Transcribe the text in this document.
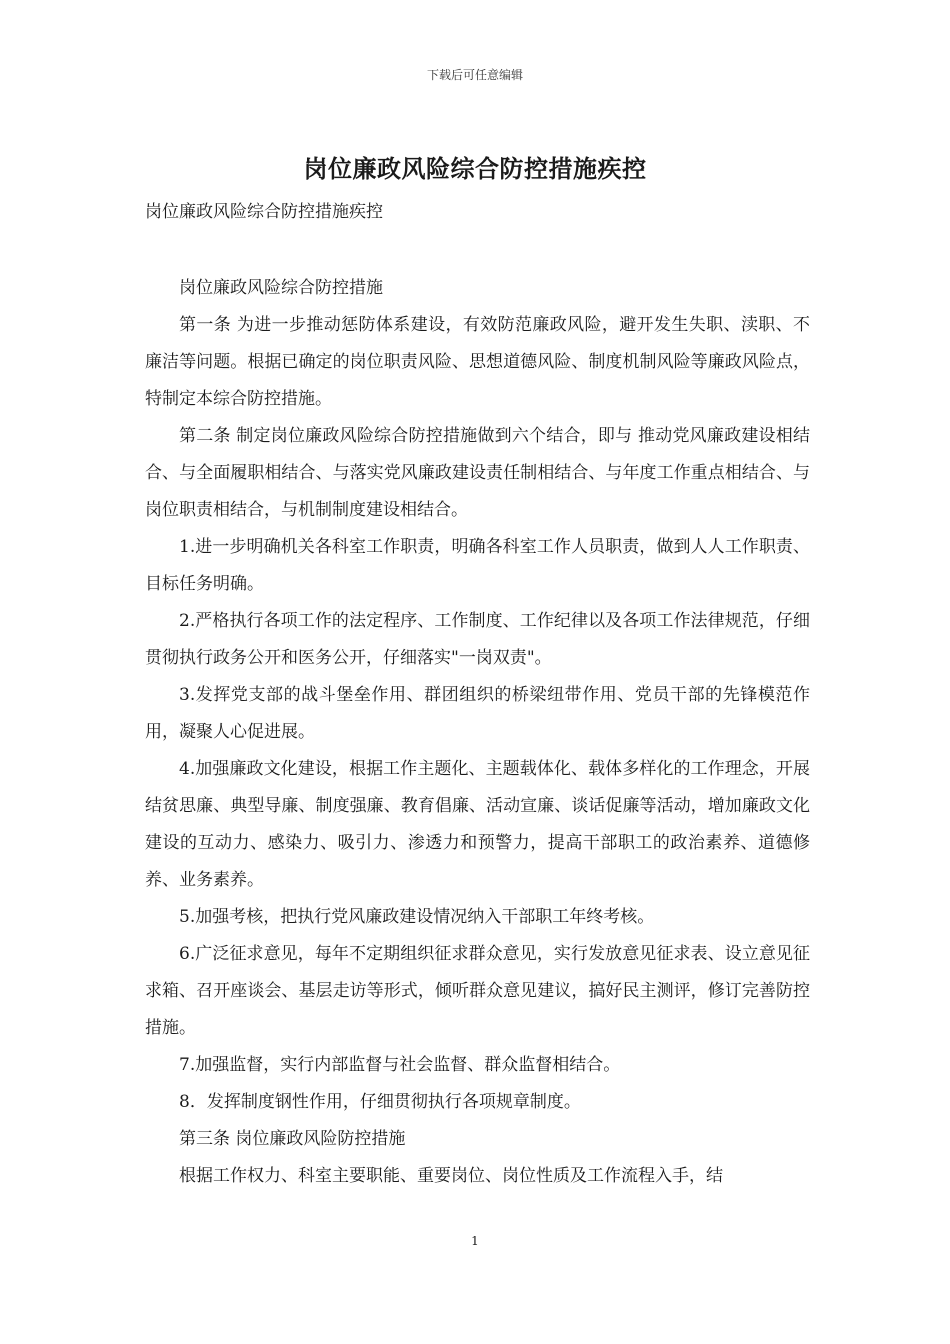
下载后可任意编辑
岗位廉政风险综合防控措施疾控
岗位廉政风险综合防控措施疾控

岗位廉政风险综合防控措施

第一条 为进一步推动惩防体系建设，有效防范廉政风险，避开发生失职、渎职、不廉洁等问题。根据已确定的岗位职责风险、思想道德风险、制度机制风险等廉政风险点，特制定本综合防控措施。

第二条 制定岗位廉政风险综合防控措施做到六个结合，即与 推动党风廉政建设相结合、与全面履职相结合、与落实党风廉政建设责任制相结合、与年度工作重点相结合、与岗位职责相结合，与机制制度建设相结合。

1.进一步明确机关各科室工作职责，明确各科室工作人员职责，做到人人工作职责、目标任务明确。

2.严格执行各项工作的法定程序、工作制度、工作纪律以及各项工作法律规范，仔细贯彻执行政务公开和医务公开，仔细落实"一岗双责"。

3.发挥党支部的战斗堡垒作用、群团组织的桥梁纽带作用、党员干部的先锋模范作用，凝聚人心促进展。

4.加强廉政文化建设，根据工作主题化、主题载体化、载体多样化的工作理念，开展结贫思廉、典型导廉、制度强廉、教育倡廉、活动宣廉、谈话促廉等活动，增加廉政文化建设的互动力、感染力、吸引力、渗透力和预警力，提高干部职工的政治素养、道德修养、业务素养。

5.加强考核，把执行党风廉政建设情况纳入干部职工年终考核。

6.广泛征求意见，每年不定期组织征求群众意见，实行发放意见征求表、设立意见征求箱、召开座谈会、基层走访等形式，倾听群众意见建议，搞好民主测评，修订完善防控措施。

7.加强监督，实行内部监督与社会监督、群众监督相结合。

8．发挥制度钢性作用，仔细贯彻执行各项规章制度。

第三条 岗位廉政风险防控措施

根据工作权力、科室主要职能、重要岗位、岗位性质及工作流程入手，结

1
